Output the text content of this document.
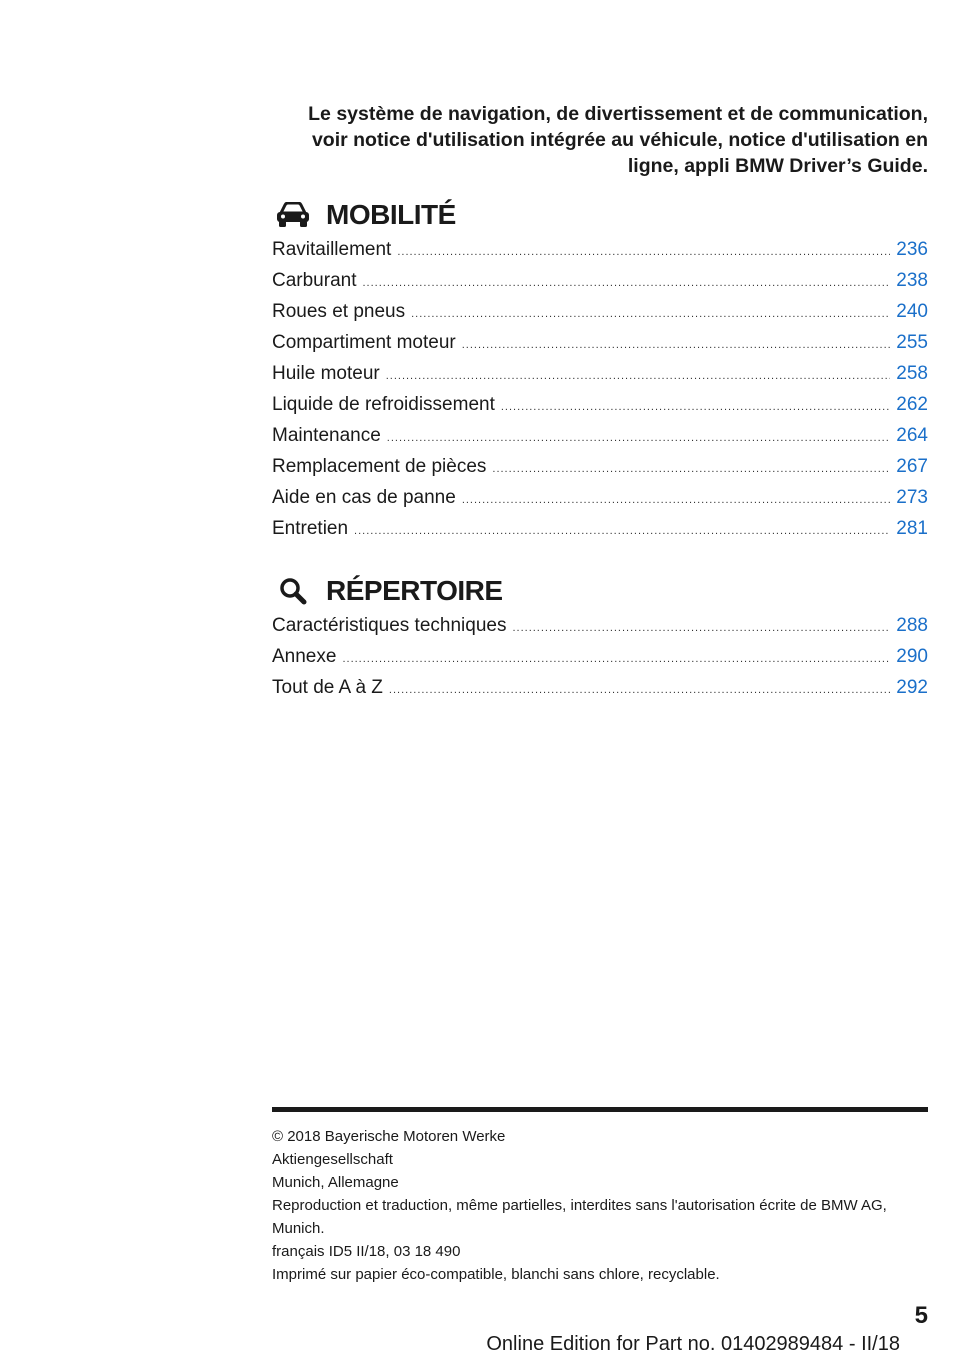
Le système de navigation, de divertissement et de communication,
voir notice d'utilisation intégrée au véhicule, notice d'utilisation en
ligne, appli BMW Driver’s Guide.
MOBILITÉ
Ravitaillement .....	236
Carburant .....	238
Roues et pneus .....	240
Compartiment moteur .....	255
Huile moteur .....	258
Liquide de refroidissement .....	262
Maintenance .....	264
Remplacement de pièces .....	267
Aide en cas de panne .....	273
Entretien .....	281
RÉPERTOIRE
Caractéristiques techniques .....	288
Annexe .....	290
Tout de A à Z .....	292
© 2018 Bayerische Motoren Werke
Aktiengesellschaft
Munich, Allemagne
Reproduction et traduction, même partielles, interdites sans l'autorisation écrite de BMW AG, Munich.
français ID5 II/18, 03 18 490
Imprimé sur papier éco-compatible, blanchi sans chlore, recyclable.
5
Online Edition for Part no. 01402989484 - II/18
